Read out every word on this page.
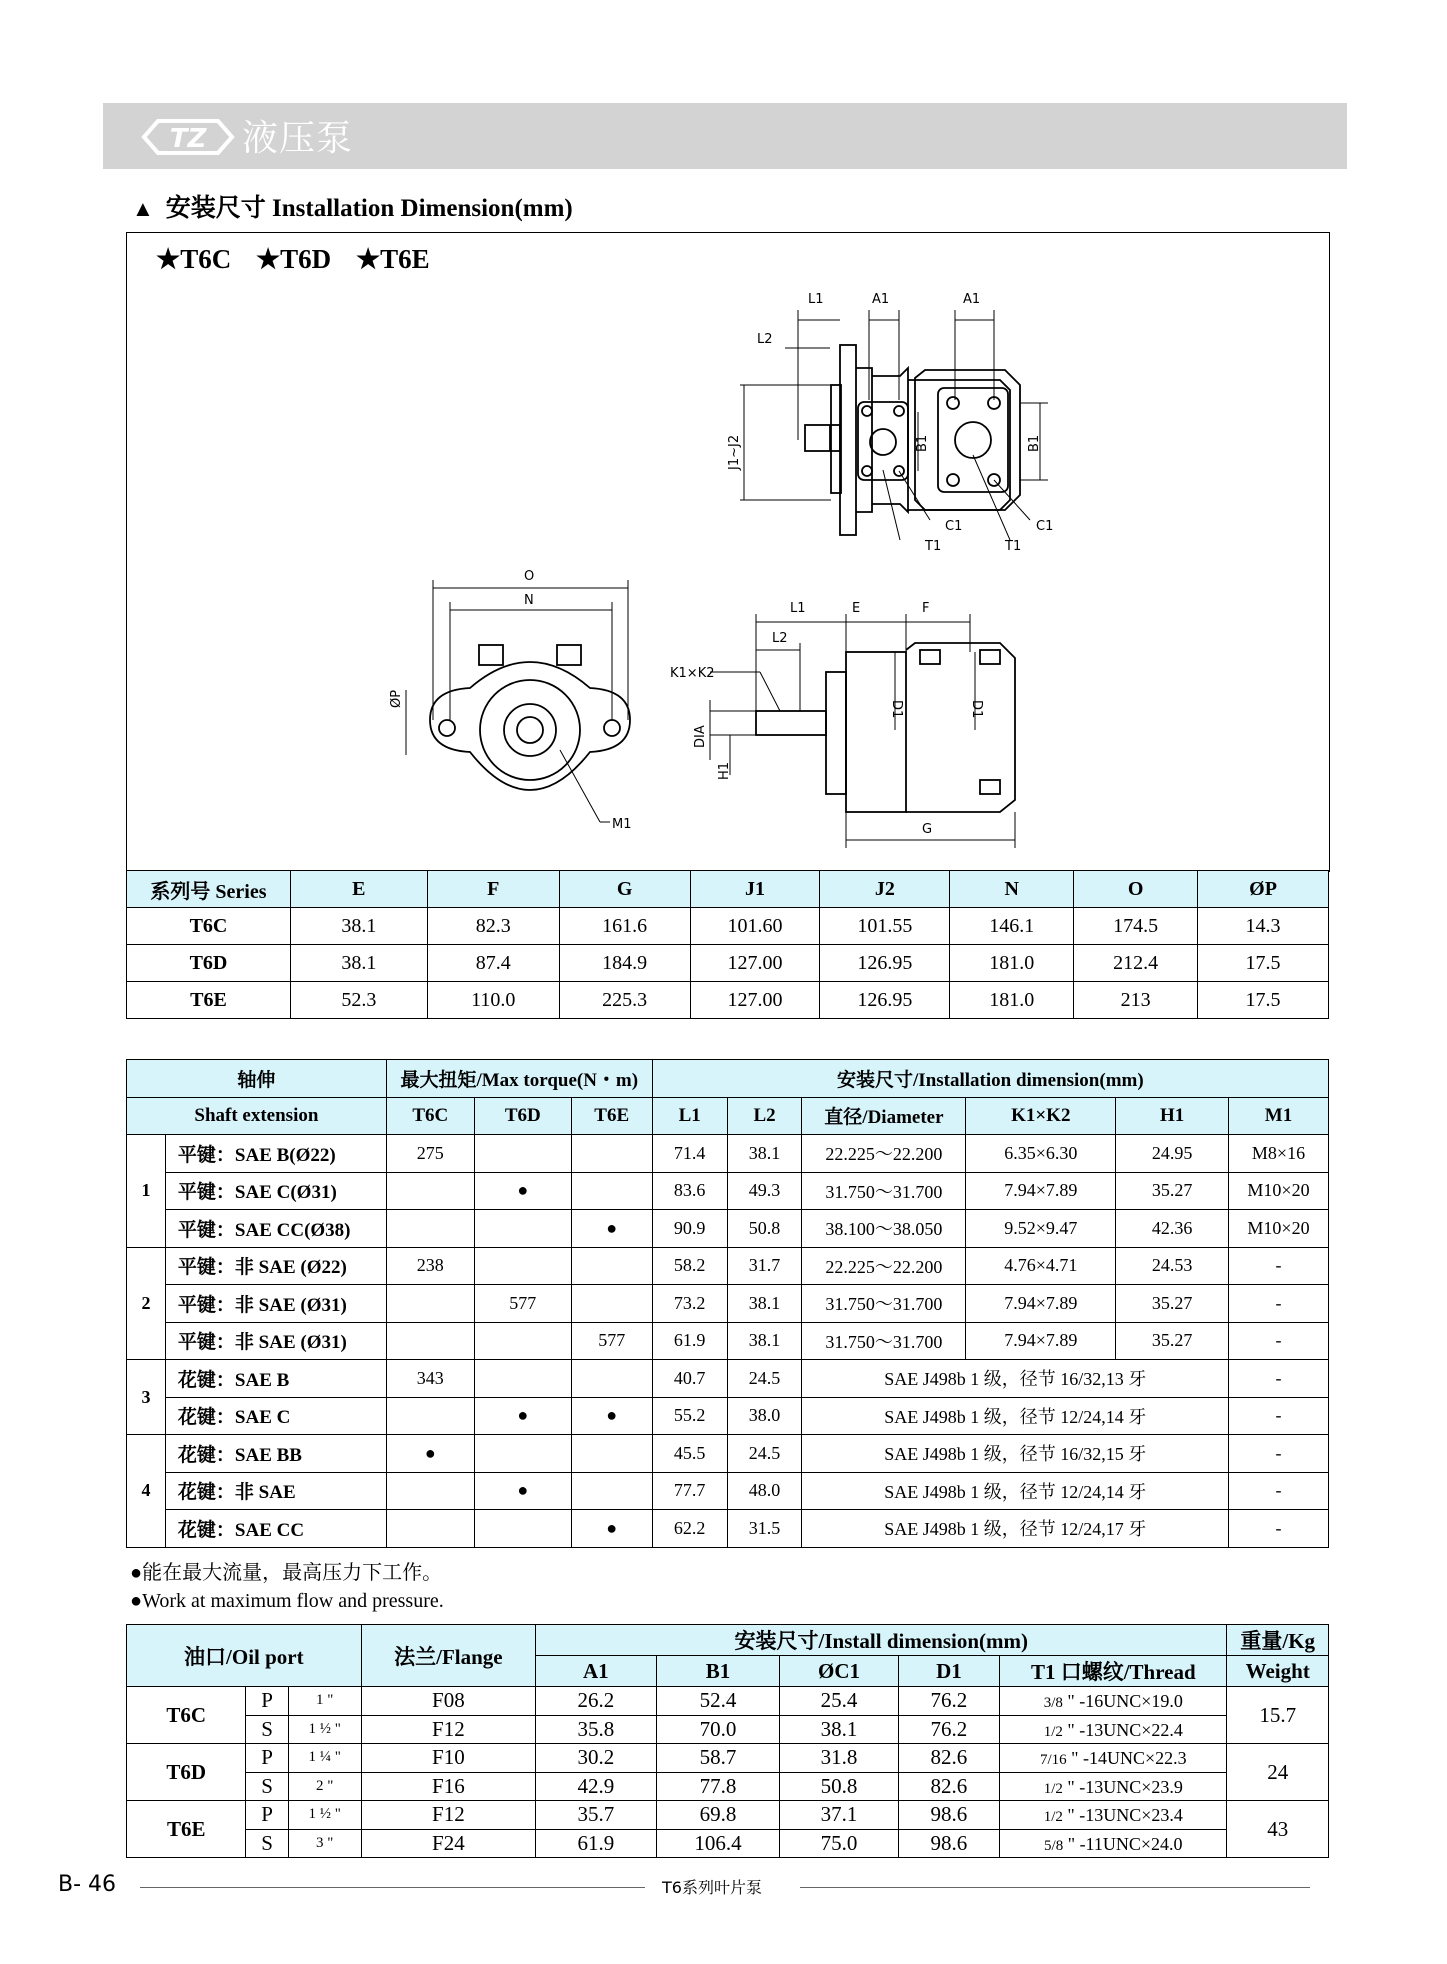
TZ 液压泵
▲ 安装尺寸 Installation Dimension(mm)
★T6C ★T6D ★T6E
L1	A1	A1
L2
J1~J2	B1	B1
C1	C1
T1	T1
O
N
ØP
M1
L1	E	F
L2
K1×K2
DIA
H1
D1	D1
G
系列号 Series	E	F	G	J1	J2	N	O	ØP
T6C	38.1	82.3	161.6	101.60	101.55	146.1	174.5	14.3
T6D	38.1	87.4	184.9	127.00	126.95	181.0	212.4	17.5
T6E	52.3	110.0	225.3	127.00	126.95	181.0	213	17.5
轴伸		最大扭矩/Max torque(N・m)			安装尺寸/Installation dimension(mm)					
Shaft extension		T6C	T6D	T6E	L1	L2	直径/Diameter	K1×K2	H1	M1
1	平键：SAE B(Ø22)	275			71.4	38.1	22.225～22.200	6.35×6.30	24.95	M8×16
	平键：SAE C(Ø31)		●		83.6	49.3	31.750～31.700	7.94×7.89	35.27	M10×20
	平键：SAE CC(Ø38)			●	90.9	50.8	38.100～38.050	9.52×9.47	42.36	M10×20
2	平键：非 SAE (Ø22)	238			58.2	31.7	22.225～22.200	4.76×4.71	24.53	-
	平键：非 SAE (Ø31)		577		73.2	38.1	31.750～31.700	7.94×7.89	35.27	-
	平键：非 SAE (Ø31)			577	61.9	38.1	31.750～31.700	7.94×7.89	35.27	-
3	花键：SAE B	343			40.7	24.5	SAE J498b 1 级，径节 16/32,13 牙			-
	花键：SAE C		●	●	55.2	38.0	SAE J498b 1 级，径节 12/24,14 牙			-
4	花键：SAE BB	●			45.5	24.5	SAE J498b 1 级，径节 16/32,15 牙			-
	花键：非 SAE		●		77.7	48.0	SAE J498b 1 级，径节 12/24,14 牙			-
	花键：SAE CC			●	62.2	31.5	SAE J498b 1 级，径节 12/24,17 牙			-
●能在最大流量，最高压力下工作。
●Work at maximum flow and pressure.
油口/Oil port			法兰/Flange	安装尺寸/Install dimension(mm)					重量/Kg
				A1	B1	ØC1	D1	T1 口螺纹/Thread	Weight
T6C	P	1 "	F08	26.2	52.4	25.4	76.2	3/8 " -16UNC×19.0	15.7
	S	1 ½ "	F12	35.8	70.0	38.1	76.2	1/2 " -13UNC×22.4	
T6D	P	1 ¼ "	F10	30.2	58.7	31.8	82.6	7/16 " -14UNC×22.3	24
	S	2 "	F16	42.9	77.8	50.8	82.6	1/2 " -13UNC×23.9	
T6E	P	1 ½ "	F12	35.7	69.8	37.1	98.6	1/2 " -13UNC×23.4	43
	S	3 "	F24	61.9	106.4	75.0	98.6	5/8 " -11UNC×24.0	
B- 46	T6系列叶片泵
